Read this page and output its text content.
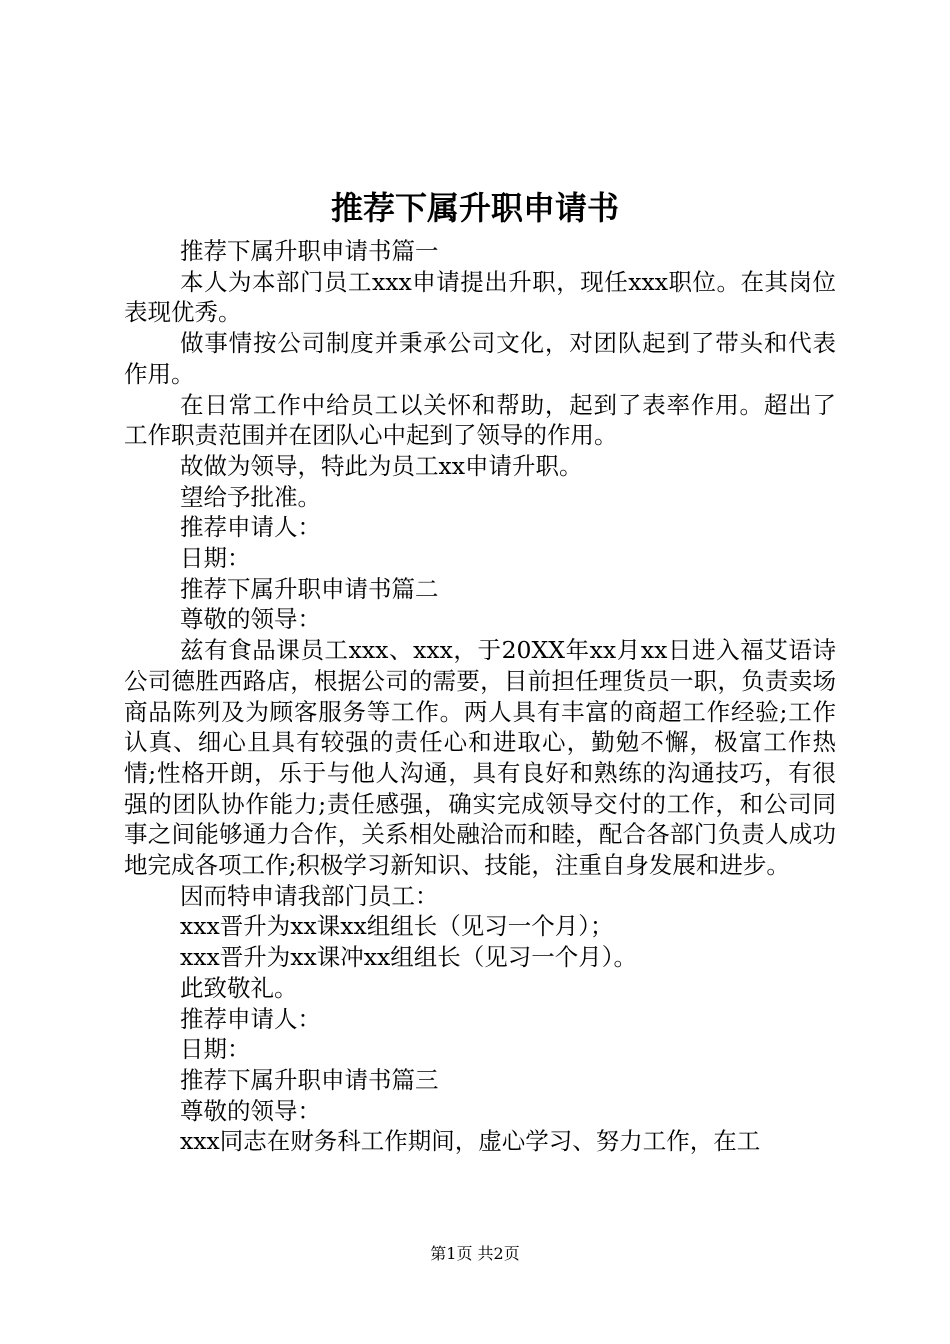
推荐下属升职申请书

推荐下属升职申请书篇一

本人为本部门员工xxx申请提出升职，现任xxx职位。在其岗位表现优秀。

做事情按公司制度并秉承公司文化，对团队起到了带头和代表作用。

在日常工作中给员工以关怀和帮助，起到了表率作用。超出了工作职责范围并在团队心中起到了领导的作用。

故做为领导，特此为员工xx申请升职。

望给予批准。

推荐申请人：

日期：

推荐下属升职申请书篇二

尊敬的领导：

兹有食品课员工xxx、xxx，于20XX年xx月xx日进入福艾语诗公司德胜西路店，根据公司的需要，目前担任理货员一职，负责卖场商品陈列及为顾客服务等工作。两人具有丰富的商超工作经验;工作认真、细心且具有较强的责任心和进取心，勤勉不懈，极富工作热情;性格开朗，乐于与他人沟通，具有良好和熟练的沟通技巧，有很强的团队协作能力;责任感强，确实完成领导交付的工作，和公司同事之间能够通力合作，关系相处融洽而和睦，配合各部门负责人成功地完成各项工作;积极学习新知识、技能，注重自身发展和进步。

因而特申请我部门员工：

xxx晋升为xx课xx组组长（见习一个月）；

xxx晋升为xx课冲xx组组长（见习一个月）。

此致敬礼。

推荐申请人：

日期：

推荐下属升职申请书篇三

尊敬的领导：

xxx同志在财务科工作期间，虚心学习、努力工作，在工

第1页 共2页
